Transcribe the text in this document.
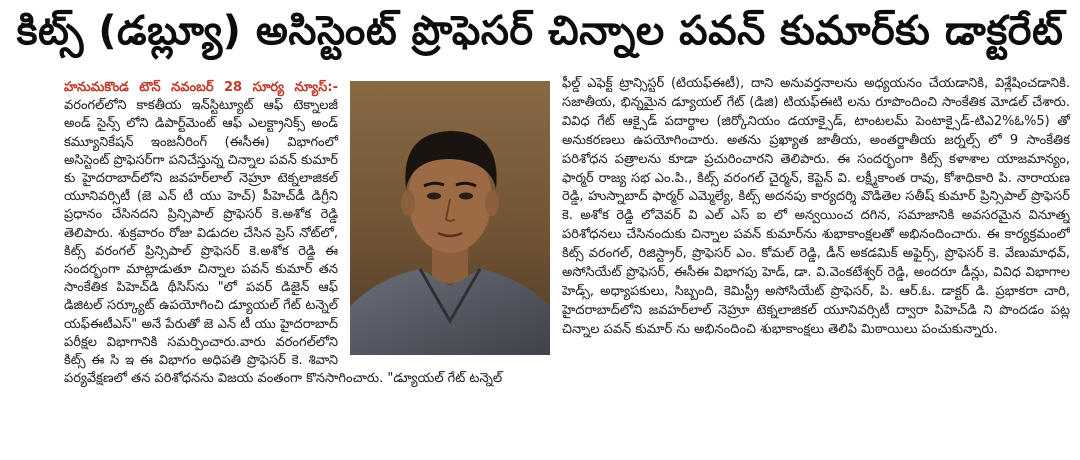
కిట్స్ (డబ్ల్యూ) అసిస్టెంట్ ప్రొఫెసర్ చిన్నాల పవన్ కుమార్‌కు డాక్టరేట్

హనుమకొండ టౌన్ నవంబర్ 28 సూర్య న్యూస్:- వరంగల్‌లోని కాకతీయ ఇన్‌స్టిట్యూట్ ఆఫ్ టెక్నాలజీ అండ్ సైన్స్ లోని డిపార్ట్‌మెంట్ ఆఫ్ ఎలక్ట్రానిక్స్ అండ్ కమ్యూనికేషన్ ఇంజనీరింగ్ (ఈసీఈ) విభాగంలో అసిస్టెంట్ ప్రొఫెసర్‌గా పనిచేస్తున్న చిన్నాల పవన్ కుమార్ కు హైదరాబాద్‌లోని జవహర్‌లాల్ నెహ్రూ టెక్నలాజికల్ యూనివర్సిటీ (జె ఎన్ టీ యు హెచ్) పీహెచ్‌డీ డిగ్రీని ప్రధానం చేసినదని ప్రిన్సిపాల్ ప్రొఫెసర్ కె.అశోక రెడ్డి తెలిపారు. శుక్రవారం రోజు విడుదల చేసిన ప్రెస్ నోట్‌లో, కిట్స్ వరంగల్ ప్రిన్సిపాల్ ప్రొఫెసర్ కె.అశోక రెడ్డి ఈ సందర్భంగా మాట్లాడుతూ చిన్నాల పవన్ కుమార్ తన సాంకేతిక పిహెచ్‌డి థీసిస్‌ను "లో పవర్ డిజైన్ ఆఫ్ డిజిటల్ సర్క్యూట్ ఉపయోగించి డ్యూయల్ గేట్ టన్నెల్ యఫ్ఈటీఎస్" అనే పేరుతో జె ఎన్ టీ యు హైదరాబాద్ పరీక్షల విభాగానికి సమర్పించారు.వారు వరంగల్‌లోని కిట్స్ ఈ సి ఇ ఈ విభాగం అధిపతి ప్రొఫెసర్ కె. శివాని పర్యవేక్షణలో తన పరిశోధనను విజయ వంతంగా కొనసాగించారు. "డ్యూయల్ గేట్ టన్నెల్

ఫీల్డ్ ఎఫెక్ట్ ట్రాన్సిస్టర్ (టియఫ్ఈటీ), దాని అనువర్తనాలను అధ్యయనం చేయడానికి, విశ్లేషించడానికి. సజాతీయ, భిన్నమైన డ్యూయల్ గేట్ (డిజి) టియఫ్ఈటి లను రూపొందించి సాంకేతిక మోడల్ చేశారు. వివిధ గేట్ ఆక్సైడ్ పదార్థాల (జిర్కోనియం డయాక్సైడ్, టాంటలమ్ పెంటాక్సైడ్-టిఎ2%ఓ%5) తో అనుకరణలు ఉపయోగించారు. అతను ప్రఖ్యాత జాతీయ, అంతర్జాతీయ జర్నల్స్ లో 9 సాంకేతిక పరిశోధన పత్రాలను కూడా ప్రచురించారని తెలిపారు. ఈ సందర్భంగా కిట్స్ కళాశాల యాజమాన్యం, ఫార్మర్ రాజ్య సభ ఎం.పి., కిట్స్ వరంగల్ చైర్మన్, కెప్టెన్ వి. లక్ష్మీకాంత రావు, కోశాధికారి పి. నారాయణ రెడ్డి, హుస్నాబాద్ ఫార్మర్ ఎమ్మెల్యే, కిట్స్ అదనపు కార్యదర్శి వొడితెల సతీష్ కుమార్ ప్రిన్సిపాల్ ప్రొఫెసర్ కె. అశోక రెడ్డి లోవెవర్ వి ఎల్ ఎస్ ఐ లో అన్వయించ దగిన, సమాజానికి అవసరమైన వినూత్న పరిశోధనలు చేసినందుకు చిన్నాల పవన్ కుమార్‌ను శుభాకాంక్షలతో అభినందించారు. ఈ కార్యక్రమంలో కిట్స్ వరంగల్, రిజిస్ట్రార్, ప్రొఫెసర్ ఎం. కోమల్ రెడ్డి, డీన్ అకడమిక్ అఫైర్స్, ప్రొఫెసర్ కె. వేణుమాధవ్, అసోసియేట్ ప్రొఫెసర్, ఈసీఈ విభాగపు హెడ్, డా. వి.వెంకటేశ్వర్ రెడ్డి, అందరూ డీన్లు, వివిధ విభాగాల హెడ్స్, అధ్యాపకులు, సిబ్బంది, కెమిస్ట్రీ అసోసియేట్ ప్రొఫెసర్, పి. ఆర్.ఓ. డాక్టర్ డి. ప్రభాకరా చారి, హైదరాబాద్‌లోని జవహర్‌లాల్ నెహ్రూ టెక్నలాజికల్ యూనివర్సిటీ ద్వారా పిహెచ్‌డి ని పొందడం పట్ల చిన్నాల పవన్ కుమార్ ను అభినందించి శుభాకాంక్షలు తెలిపి మిఠాయిలు పంచుకున్నారు.
